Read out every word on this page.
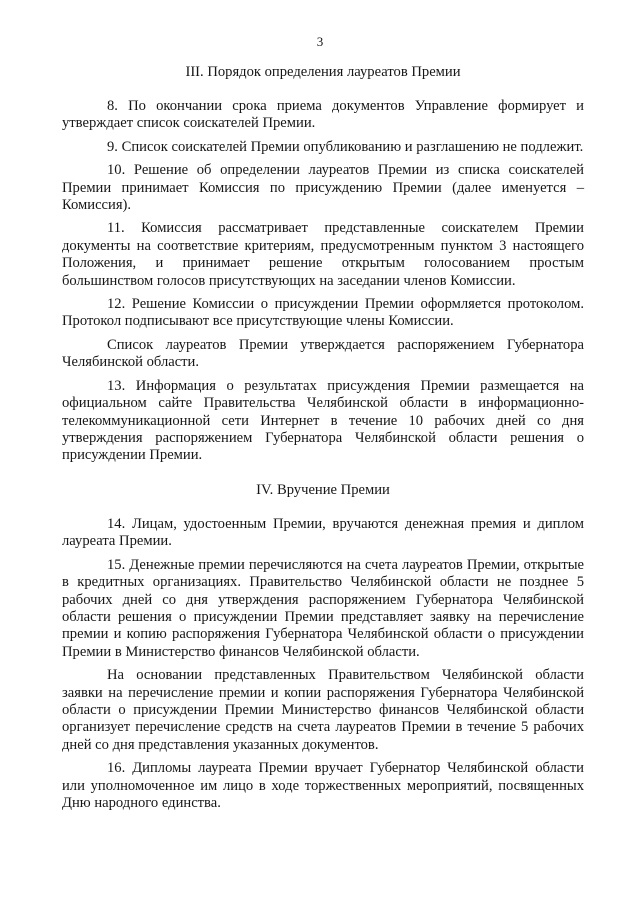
3
III. Порядок определения лауреатов Премии

8. По окончании срока приема документов Управление формирует и утверждает список соискателей Премии.

9. Список соискателей Премии опубликованию и разглашению не подлежит.

10. Решение об определении лауреатов Премии из списка соискателей Премии принимает Комиссия по присуждению Премии (далее именуется – Комиссия).

11. Комиссия рассматривает представленные соискателем Премии документы на соответствие критериям, предусмотренным пунктом 3 настоящего Положения, и принимает решение открытым голосованием простым большинством голосов присутствующих на заседании членов Комиссии.

12. Решение Комиссии о присуждении Премии оформляется протоколом. Протокол подписывают все присутствующие члены Комиссии.

Список лауреатов Премии утверждается распоряжением Губернатора Челябинской области.

13. Информация о результатах присуждения Премии размещается на официальном сайте Правительства Челябинской области в информационно-телекоммуникационной сети Интернет в течение 10 рабочих дней со дня утверждения распоряжением Губернатора Челябинской области решения о присуждении Премии.

IV. Вручение Премии

14. Лицам, удостоенным Премии, вручаются денежная премия и диплом лауреата Премии.

15. Денежные премии перечисляются на счета лауреатов Премии, открытые в кредитных организациях. Правительство Челябинской области не позднее 5 рабочих дней со дня утверждения распоряжением Губернатора Челябинской области решения о присуждении Премии представляет заявку на перечисление премии и копию распоряжения Губернатора Челябинской области о присуждении Премии в Министерство финансов Челябинской области.

На основании представленных Правительством Челябинской области заявки на перечисление премии и копии распоряжения Губернатора Челябинской области о присуждении Премии Министерство финансов Челябинской области организует перечисление средств на счета лауреатов Премии в течение 5 рабочих дней со дня представления указанных документов.

16. Дипломы лауреата Премии вручает Губернатор Челябинской области или уполномоченное им лицо в ходе торжественных мероприятий, посвященных Дню народного единства.
